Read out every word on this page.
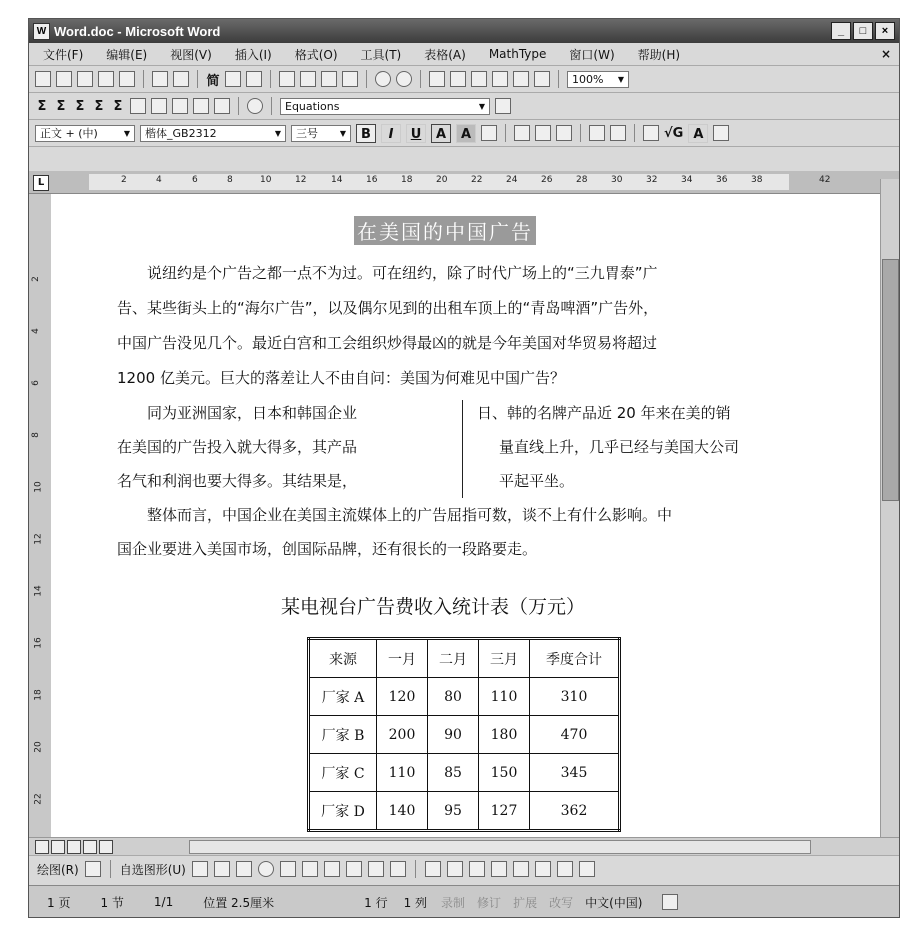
W Word.doc - Microsoft Word	_	□	×
文件(F) 编辑(E) 视图(V) 插入(I) 格式(O) 工具(T) 表格(A) MathType 窗口(W) 帮助(H)	×
简	100% ▼
Σ Σ Σ Σ Σ	Equations	▼
正文 + (中)	▼ 楷体_GB2312	▼ 三号	▼	B	I	U	A	A	√G A
L	2	4	6	8	10	12	14	16	18	20	22	24	26	28	30	32	34	36	38	42
2
4
6
8
10
12
14
16
18
20
22
在美国的中国广告
说纽约是个广告之都一点不为过。可在纽约，除了时代广场上的“三九胃泰”广
告、某些街头上的“海尔广告”，以及偶尔见到的出租车顶上的“青岛啤酒”广告外，
中国广告没见几个。最近白宫和工会组织炒得最凶的就是今年美国对华贸易将超过
1200 亿美元。巨大的落差让人不由自问：美国为何难见中国广告？
同为亚洲国家，日本和韩国企业
在美国的广告投入就大得多，其产品
名气和利润也要大得多。其结果是，
日、韩的名牌产品近 20 年来在美的销
量直线上升，几乎已经与美国大公司
平起平坐。
整体而言，中国企业在美国主流媒体上的广告屈指可数，谈不上有什么影响。中
国企业要进入美国市场，创国际品牌，还有很长的一段路要走。
某电视台广告费收入统计表（万元）
来源	一月	二月	三月	季度合计
厂家 A	120	80	110	310
厂家 B	200	90	180	470
厂家 C	110	85	150	345
厂家 D	140	95	127	362
绘图(R)	自选图形(U)
1 页	1 节	1/1	位置 2.5厘米	1 行 1 列 录制 修订 扩展 改写 中文(中国)
